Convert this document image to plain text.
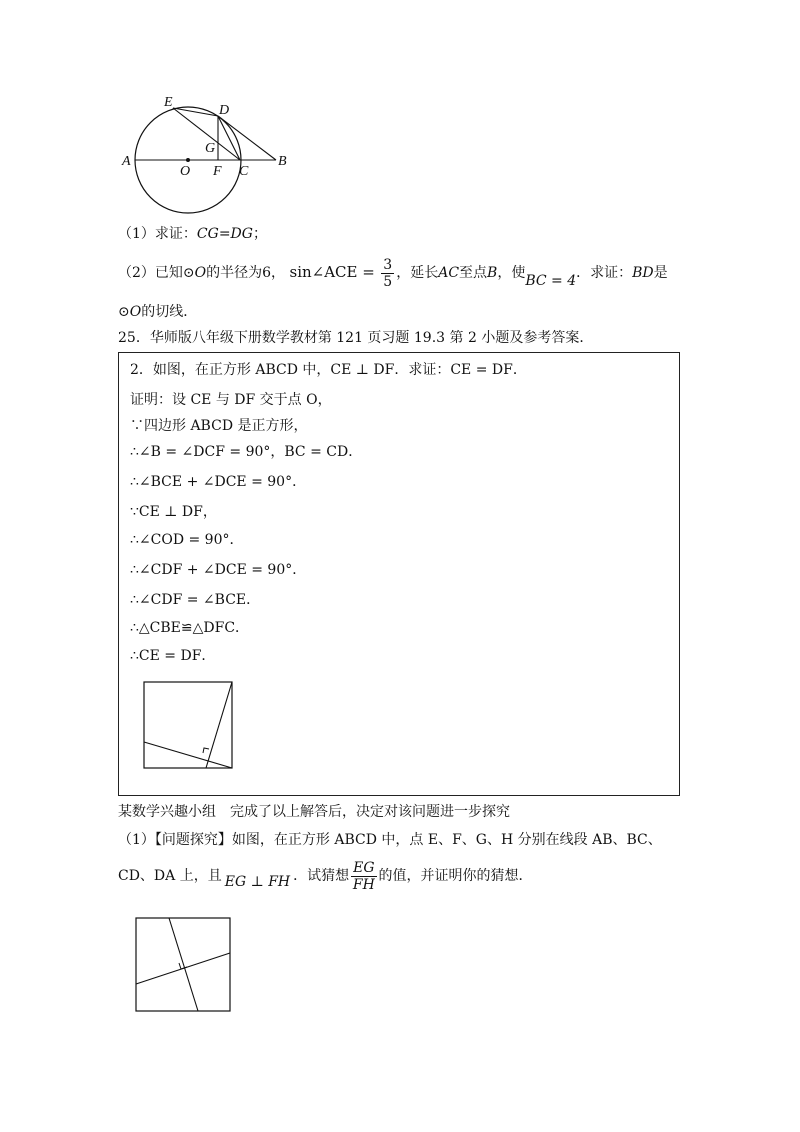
E
D
G
A
O F C
B
（1）求证：CG=DG；
（2）已知⊙O的半径为6， sin∠ACE = $\frac{3}{5}$ ，延长AC至点B，使BC = 4．求证：BD是
⊙O的切线．
25．华师版八年级下册数学教材第 121 页习题 19.3 第 2 小题及参考答案．
2．如图，在正方形 ABCD 中，CE ⊥ DF．求证：CE = DF．
证明：设 CE 与 DF 交于点 O，
∵四边形 ABCD 是正方形，
∴∠B = ∠DCF = 90°，BC = CD．
∴∠BCE + ∠DCE = 90°．
∵CE ⊥ DF，
∴∠COD = 90°．
∴∠CDF + ∠DCE = 90°．
∴∠CDF = ∠BCE．
∴△CBE≌△DFC．
∴CE = DF．
某数学兴趣小组　完成了以上解答后，决定对该问题进一步探究
（1）【问题探究】如图，在正方形 ABCD 中，点 E、F、G、H 分别在线段 AB、BC、
CD、DA 上，且 EG ⊥ FH ．试猜想 $\frac{EG}{FH}$ 的值，并证明你的猜想．
